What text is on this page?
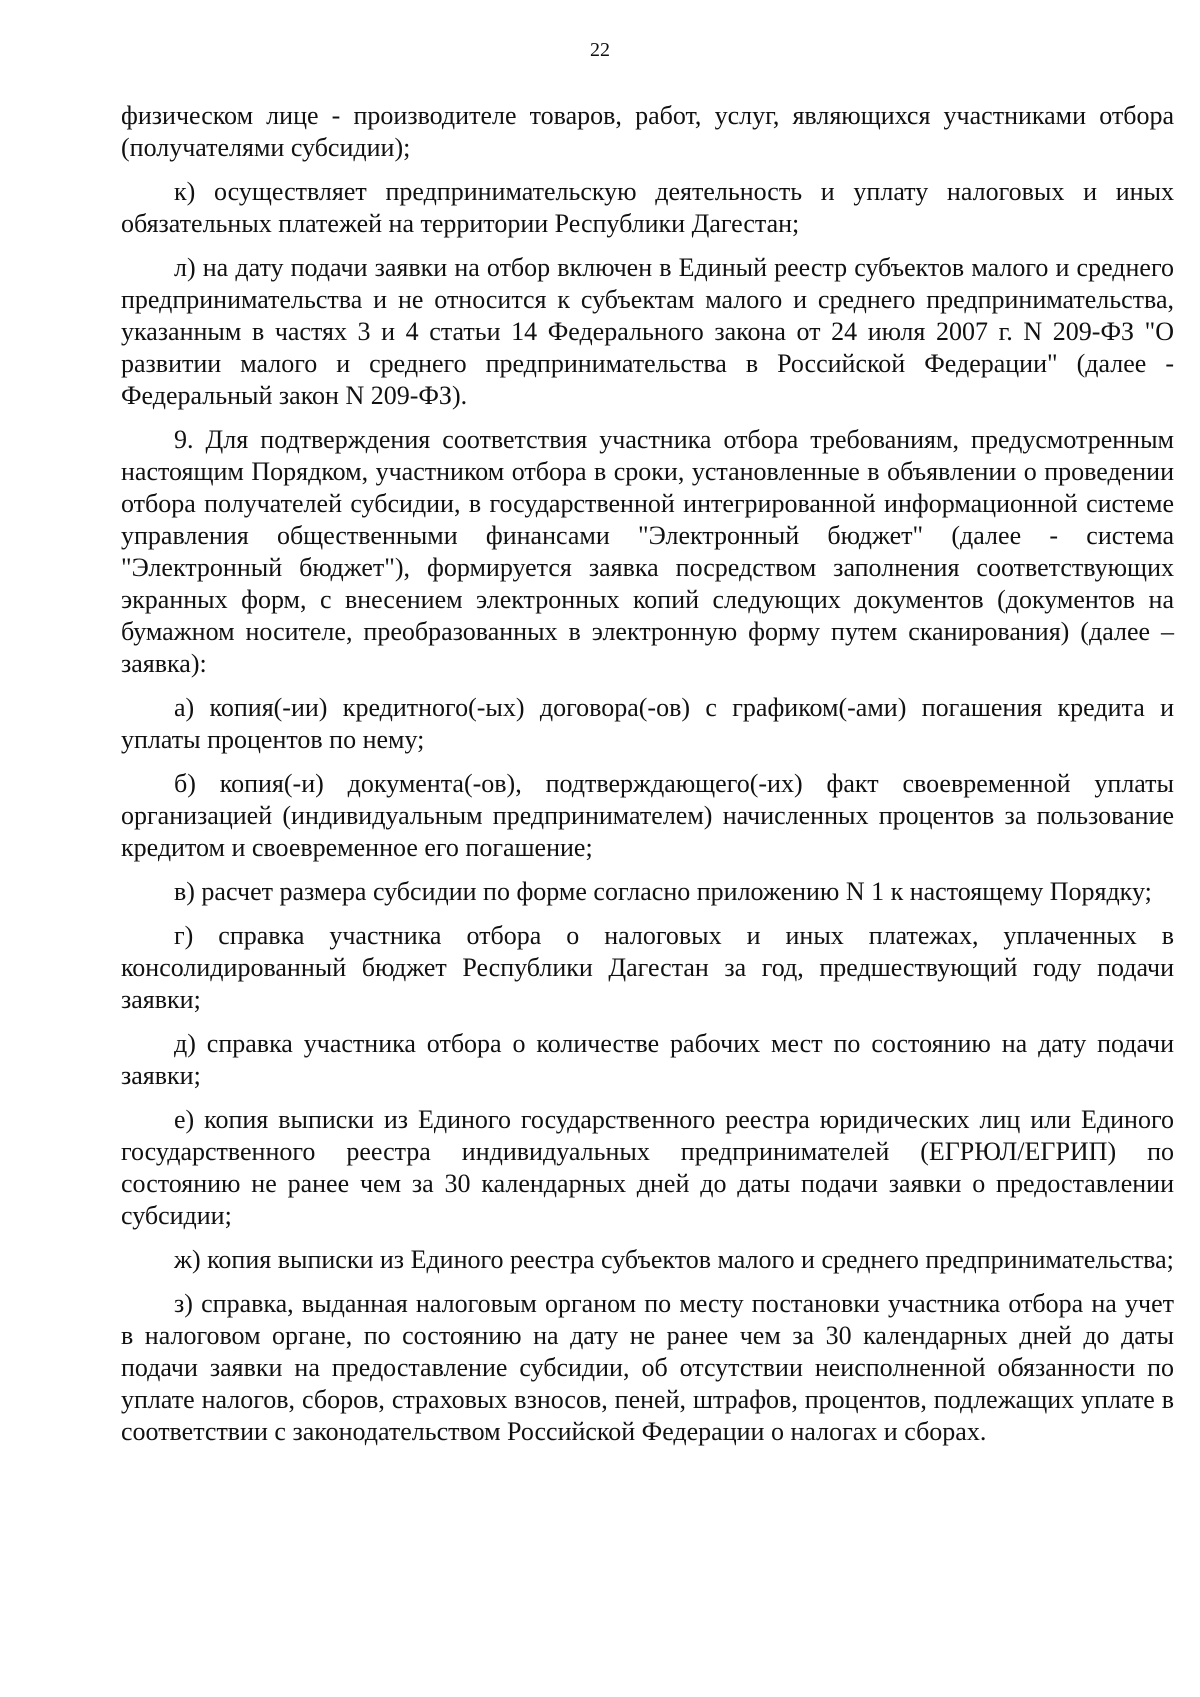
22

физическом лице - производителе товаров, работ, услуг, являющихся участниками отбора (получателями субсидии);

к) осуществляет предпринимательскую деятельность и уплату налоговых и иных обязательных платежей на территории Республики Дагестан;

л) на дату подачи заявки на отбор включен в Единый реестр субъектов малого и среднего предпринимательства и не относится к субъектам малого и среднего предпринимательства, указанным в частях 3 и 4 статьи 14 Федерального закона от 24 июля 2007 г. N 209-ФЗ "О развитии малого и среднего предпринимательства в Российской Федерации" (далее - Федеральный закон N 209-ФЗ).

9. Для подтверждения соответствия участника отбора требованиям, предусмотренным настоящим Порядком, участником отбора в сроки, установленные в объявлении о проведении отбора получателей субсидии, в государственной интегрированной информационной системе управления общественными финансами "Электронный бюджет" (далее - система "Электронный бюджет"), формируется заявка посредством заполнения соответствующих экранных форм, с внесением электронных копий следующих документов (документов на бумажном носителе, преобразованных в электронную форму путем сканирования) (далее – заявка):

а) копия(-ии) кредитного(-ых) договора(-ов) с графиком(-ами) погашения кредита и уплаты процентов по нему;

б) копия(-и) документа(-ов), подтверждающего(-их) факт своевременной уплаты организацией (индивидуальным предпринимателем) начисленных процентов за пользование кредитом и своевременное его погашение;

в) расчет размера субсидии по форме согласно приложению N 1 к настоящему Порядку;

г) справка участника отбора о налоговых и иных платежах, уплаченных в консолидированный бюджет Республики Дагестан за год, предшествующий году подачи заявки;

д) справка участника отбора о количестве рабочих мест по состоянию на дату подачи заявки;

е) копия выписки из Единого государственного реестра юридических лиц или Единого государственного реестра индивидуальных предпринимателей (ЕГРЮЛ/ЕГРИП) по состоянию не ранее чем за 30 календарных дней до даты подачи заявки о предоставлении субсидии;

ж) копия выписки из Единого реестра субъектов малого и среднего предпринимательства;

з) справка, выданная налоговым органом по месту постановки участника отбора на учет в налоговом органе, по состоянию на дату не ранее чем за 30 календарных дней до даты подачи заявки на предоставление субсидии, об отсутствии неисполненной обязанности по уплате налогов, сборов, страховых взносов, пеней, штрафов, процентов, подлежащих уплате в соответствии с законодательством Российской Федерации о налогах и сборах.
